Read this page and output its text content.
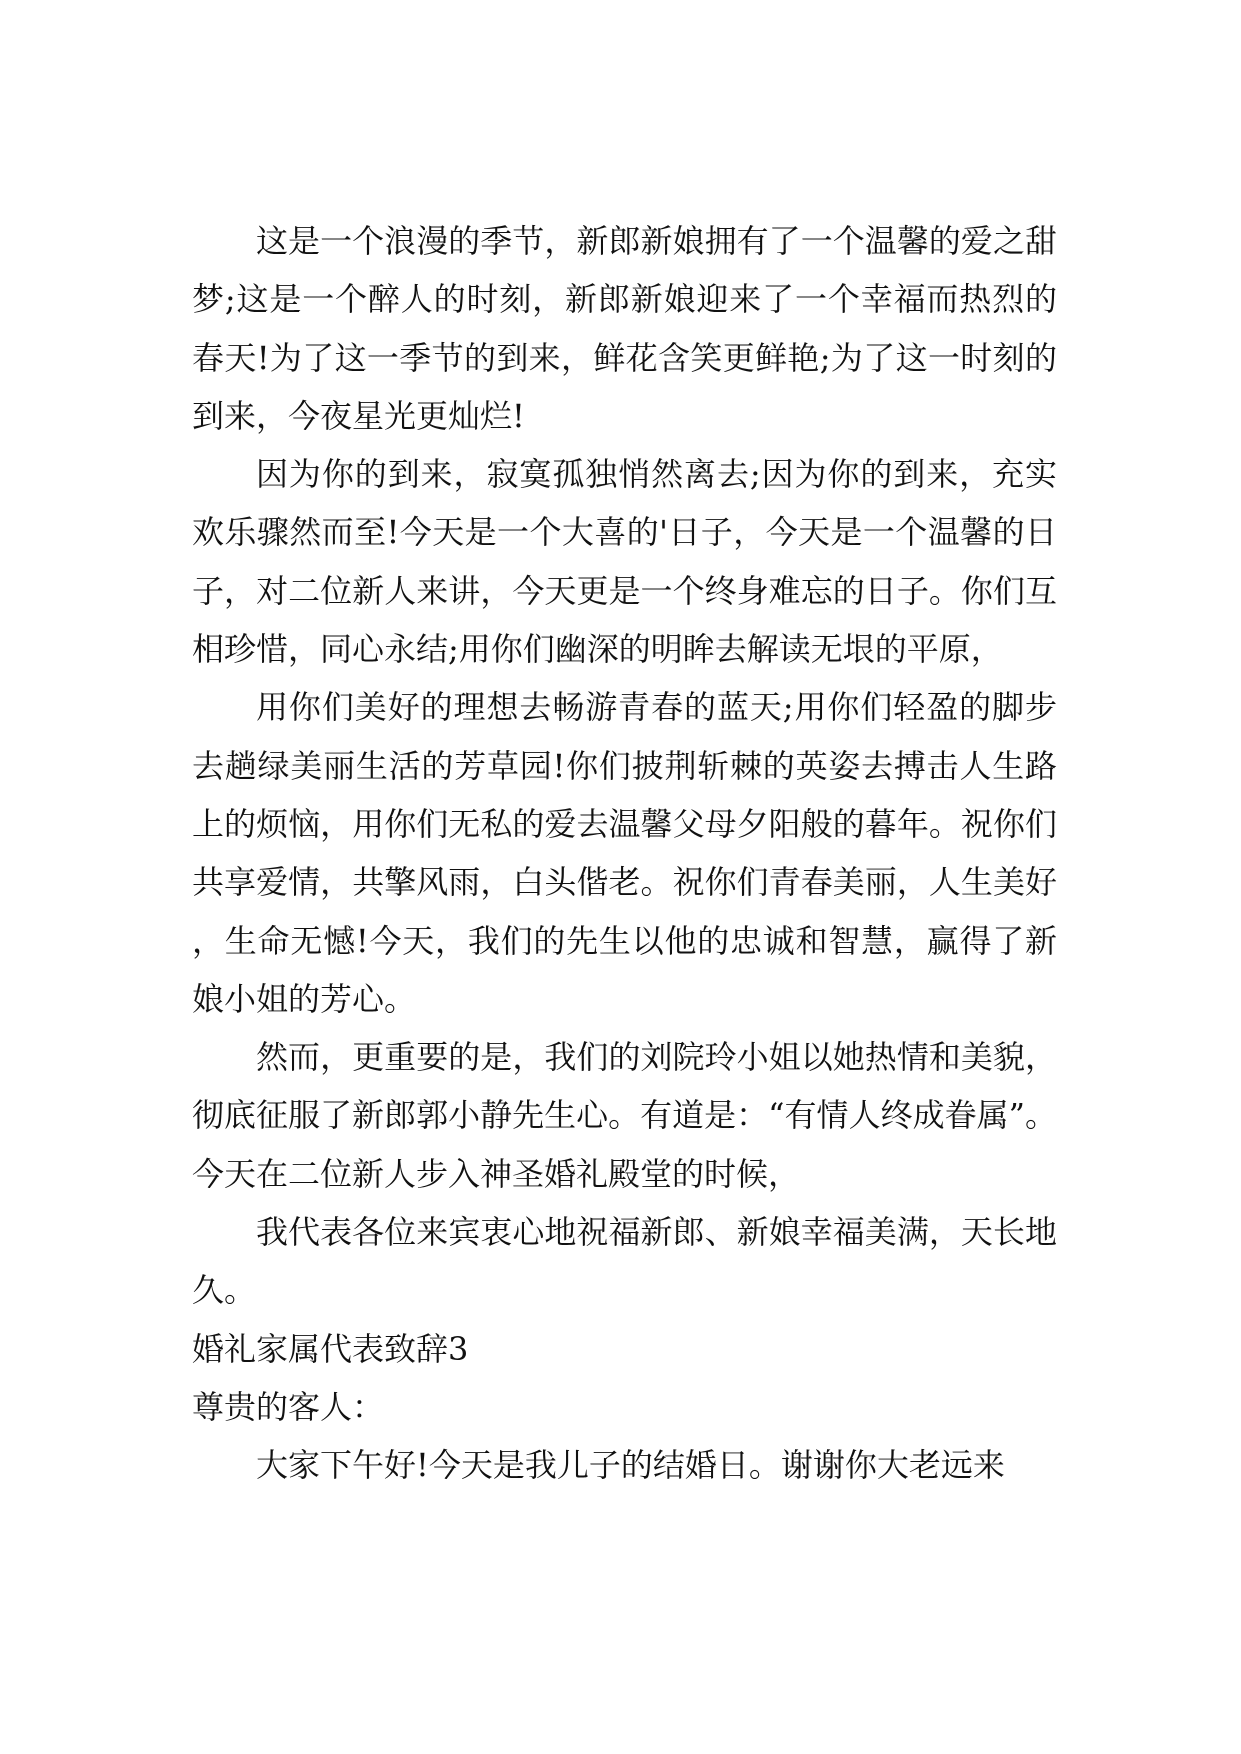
这是一个浪漫的季节，新郎新娘拥有了一个温馨的爱之甜梦;这是一个醉人的时刻，新郎新娘迎来了一个幸福而热烈的春天!为了这一季节的到来，鲜花含笑更鲜艳;为了这一时刻的到来，今夜星光更灿烂!

因为你的到来，寂寞孤独悄然离去;因为你的到来，充实欢乐骤然而至!今天是一个大喜的'日子，今天是一个温馨的日子，对二位新人来讲，今天更是一个终身难忘的日子。你们互相珍惜，同心永结;用你们幽深的明眸去解读无垠的平原，

用你们美好的理想去畅游青春的蓝天;用你们轻盈的脚步去趟绿美丽生活的芳草园!你们披荆斩棘的英姿去搏击人生路上的烦恼，用你们无私的爱去温馨父母夕阳般的暮年。祝你们共享爱情，共擎风雨，白头偕老。祝你们青春美丽，人生美好，生命无憾!今天，我们的先生以他的忠诚和智慧，赢得了新娘小姐的芳心。

然而，更重要的是，我们的刘院玲小姐以她热情和美貌，彻底征服了新郎郭小静先生心。有道是：“有情人终成眷属”。今天在二位新人步入神圣婚礼殿堂的时候，

我代表各位来宾衷心地祝福新郎、新娘幸福美满，天长地久。

婚礼家属代表致辞3

尊贵的客人：

大家下午好!今天是我儿子的结婚日。谢谢你大老远来
